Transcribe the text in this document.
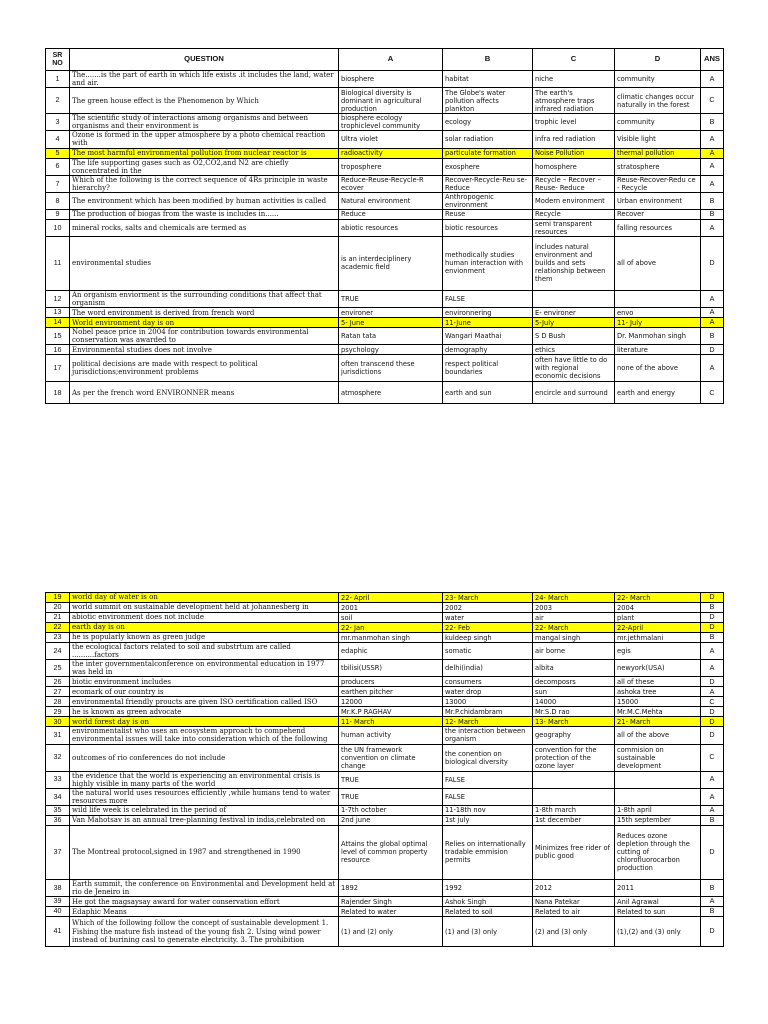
SR
NO	QUESTION	A	B	C	D	ANS
1	The.......is the part of earth in which life exists .it includes the land, water and air.	biosphere	habitat	niche	community	A
2	The green house effect is the Phenomenon by Which	Biological diversity is dominant in agricultural production	The Globe's water pollution affects plankton	The earth's atmosphere traps infrared radiation	climatic changes occur naturally in the forest	C
3	The scientific study of interactions among organisms and between organisms and their environment is	biosphere ecology trophiclevel community	ecology	trophic level	community	B
4	Ozone is formed in the upper atmosphere by a photo chemical reaction with	Ultra violet	solar radiation	infra red radiation	Visible light	A
5	The most harmful environmental pollution from nuclear reactor is	radioactivity	particulate formation	Noise Pollution	thermal pollution	A
6	The life supporting gases such as O2,CO2,and N2 are chiefly concentrated in the	troposphere	exosphere	homosphere	stratosphere	A
7	Which of the following is the correct sequence of 4Rs principle in waste hierarchy?	Reduce-Reuse-Recycle-R ecover	Recover-Recycle-Reu se-Reduce	Recycle – Recover – Reuse- Reduce	Reuse-Recover-Redu ce - Recycle	A
8	The environment which has been modified by human activities is called	Natural environment	Anthropogenic environment	Modern environment	Urban environment	B
9	The production of biogas from the waste is includes in......	Reduce	Reuse	Recycle	Recover	B
10	mineral rocks, salts and chemicals are termed as	abiotic resources	biotic resources	semi transparent resources	falling resources	A
11	environmental studies	is an interdeciplinery academic field	methodically studies human interaction with envionment	includes natural environment and builds and sets relationship between them	all of above	D
12	An organism enviorment is the surrounding conditions that affect that organism	TRUE	FALSE			A
13	The word environment is derived from french word	environer	environnering	E- environer	envo	A
14	World environment day is on	5- June	11-June	5-July	11- July	A
15	Nobel peace price in 2004 for contribution towards environmental conservation was awarded to	Ratan tata	Wangari Maathai	S D Bush	Dr. Manmohan singh	B
16	Environmental studies does not involve	psychology	demography	ethics	literature	D
17	political decisions are made with respect to political jurisdictions;environment problems	often transcend these jurisdictions	respect political boundaries	often have little to do with regional economic decisions	none of the above	A
18	As per the french word ENVIRONNER means	atmosphere	earth and sun	encircle and surround	earth and energy	C
19	world day of water is on	22- April	23- March	24- March	22- March	D
20	world summit on sustainable development held at johannesberg in	2001	2002	2003	2004	B
21	abiotic environment does not include	soil	water	air	plant	D
22	earth day is on	22- Jan	22- Feb	22- March	22-April	D
23	he is popularly known as green judge	mr.manmohan singh	kuldeep singh	mangal singh	mr.jethmalani	B
24	the ecological factors related to soil and substrtum are called ..........factors	edaphic	somatic	air borne	egis	A
25	the inter governmentalconference on environmental education in 1977 was held in	tbilisi(USSR)	delhi(india)	albita	newyork(USA)	A
26	biotic environment includes	producers	consumers	decomposrs	all of these	D
27	ecomark of our country is	earthen pitcher	water drop	sun	ashoka tree	A
28	environmental friendly proucts are given ISO certification called ISO	12000	13000	14000	15000	C
29	he is known as green advocate	Mr.K.P RAGHAV	Mr.P.chidambram	Mr.S.D rao	Mr.M.C.Mehta	D
30	world forest day is on	11- March	12- March	13- March	21- March	D
31	environmentalist who uses an ecosystem approach to compehend environmental issues will take into consideration which of the following	human activity	the interaction between organism	geography	all of the above	D
32	outcomes of rio conferences do not include	the UN framework convention on climate change	the conention on biological diversity	convention for the protection of the ozone layer	commision on sustainable development	C
33	the evidence that the world is experiencing an environmental crisis is highly visible in many parts of the world	TRUE	FALSE			A
34	the natural world uses resources efficiently ,while humans tend to water resources more	TRUE	FALSE			A
35	wild life week is celebrated in the period of	1-7th october	11-18th nov	1-8th march	1-8th april	A
36	Van Mahotsav is an annual tree-planning festival in india,celebrated on	2nd june	1st july	1st december	15th september	B
37	The Montreal protocol,signed in 1987 and strengthened in 1990	Attains the global optimal level of common property resource	Relies on internationally tradable emmision permits	Minimizes free rider of public good	Reduces ozone depletion through the cutting of chlorofluorocarbon production	D
38	Earth summit, the conference on Environmental and Development held at rio de Jeneiro in	1892	1992	2012	2011	B
39	He got the magsaysay award for water conservation effort	Rajender Singh	Ashok Singh	Nana Patekar	Anil Agrawal	A
40	Edaphic Means	Related to water	Related to soil	Related to air	Related to sun	B
41	Which of the following follow the concept of sustainable development 1. Fishing the mature fish instead of the young fish 2. Using wind power instead of burining casl to generate electricity. 3. The prohibition	(1) and (2) only	(1) and (3) only	(2) and (3) only	(1),(2) and (3) only	D
